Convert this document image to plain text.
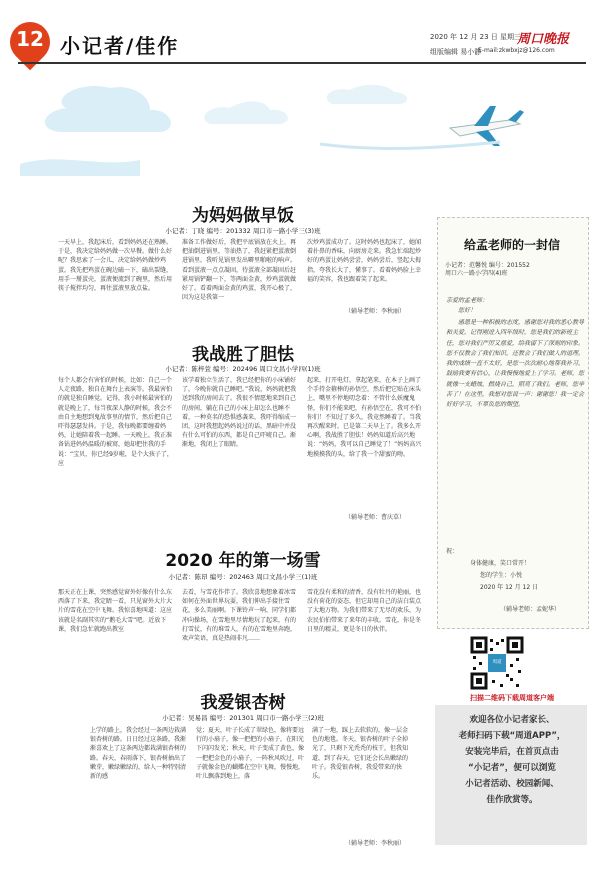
12 小记者/佳作	2020 年 12 月 23 日 星期三
组版编辑 易小静
周口晚报
E-mail:zkwbxjz@126.com
为妈妈做早饭
小记者：丁晓 编号：201332 周口市一路小学三(3)班
一天早上，我起床后，看到妈妈还在熟睡。于是，我决定给妈妈做一次早餐。做什么好呢？我思索了一会儿，决定给妈妈做炒鸡蛋。我先把鸡蛋在碗边磕一下，磕出裂缝，用手一掰蛋壳，蛋液便流到了碗里，然后用筷子搅拌均匀，再往蛋液里放点盐。
准备工作做好后，我把平底锅放在火上，再把油倒进锅里，等油热了，我赶紧把蛋液倒进锅里。我听见锅里发出噼里啪啦的响声。看到蛋液一点点凝固，待蛋液全部凝固后赶紧用锅铲翻一下，等两面金黄，炒鸡蛋就做好了。看着两面金黄的鸡蛋，我开心极了，因为这是我第一
次炒鸡蛋成功了。这时妈妈也起床了，她闻着扑鼻的香味，向厨房走来。我急忙端起炒好的鸡蛋让妈妈尝尝，妈妈尝后，竖起大拇指，夸我长大了，懂事了。看着妈妈脸上幸福的笑容，我也跟着笑了起来。
（辅导老师：李秋丽）
我战胜了胆怯
小记者：陈梓萱 编号：202496 周口文昌小学四(1)班
每个人都会有害怕的时候，比如：自己一个人走夜路，独自在舞台上表演等。我最害怕的就是独自睡觉。记得，我小时候最害怕的就是晚上了，每当夜深人静的时候，我会不由自主地想到鬼故事里的情节，然后把自己吓得瑟瑟发抖。于是，我每晚都要缠着妈妈，让她陪着我一起睡。一天晚上，我正准备钻进妈妈温暖的被窝，她却把住我的手说：“宝贝，你已经9岁啦，是个大孩子了，应
该学着独立生活了，我已经把你的小床铺好了，今晚你就自己睡吧。”我说，妈妈就把我送到我的房间去了。我很不情愿地来到自己的房间，躺在自己的小床上却怎么也睡不着，一种莫名的恐惧感袭来，我吓得缩成一团，这时我想起妈妈说过的话，黑暗中并没有什么可怕的东西，都是自己吓唬自己。渐渐地，我闭上了眼睛，
起来，打开电灯，拿起笔来，在本子上画了个手持金箍棒的孙悟空，然后把它贴在床头上，嘴里不停地叨念着：不管什么妖魔鬼怪，你们不能来吧，有孙悟空在，我可不怕你们！不知过了多久，我竟然睡着了。当我再次醒来时，已是第二天早上了。我多么开心啊，我战胜了胆怯！妈妈知道后高兴地说：“妈妈，我可以自己睡觉了！”妈妈高兴地摸摸我的头，给了我一个甜蜜的吻。
（辅导老师：曹庆草）
2020 年的第一场雪
小记者：陈昂 编号：202463 周口文昌小学三(1)班
那天正在上课，突然感觉窗外好像有什么东西落了下来，我定睛一看，只见窗外大片大片的雪花在空中飞舞。我惊喜地叫道：这应该就是名副其实的“鹅毛大雪”吧。近放下课，我们急忙就跑出教室
去看，与雪花作伴了。我欣喜地想象着冰雪如何在外面世界玩耍，我们伸出手接住雪花，多么美丽啊。下课铃声一响，同学们都冲向操场，在雪地里尽情地玩了起来，有的打雪仗，有的堆雪人，有的在雪地里奔跑，欢声笑语，真是热闹非凡……
雪花没有柔和的清香，没有牡丹的艳丽，也没有荷花的姿态，但它却用自己的洁白装点了大地万物。为我们带来了无尽的欢乐，为农民伯伯带来了来年的丰收。雪花，你是冬日里的精灵，更是冬日的伙伴。
我爱银杏树
小记者：吴易昌 编号：201301 周口市一路小学三(2)班
上学的路上，我会经过一条两边栽满银杏树的路。日日经过这条路，我渐渐喜欢上了这条两边都栽满银杏树的路。春天，春雨落下，银杏树抽出了嫩芽，嫩绿嫩绿的，给人一种特别清新的感
觉；夏天，叶子长成了翠绿色，像将要远行的小扇子，像一把把的小扇子，在阳光下闪闪发光；秋天，叶子变成了黄色，像一把把金色的小扇子，一阵秋风吹过，叶子就像金色的蝴蝶在空中飞舞，慢慢地，叶儿飘落到地上，落
满了一地，踩上去软软的，像一层金色的地毯。冬天，银杏树的叶子全掉光了，只剩下光秃秃的枝干，但我知道，到了春天，它们还会长出嫩绿的叶子。我爱银杏树，我爱带来的快乐。
（辅导老师：李秋丽）
给孟老师的一封信
小记者：范馨悦 编号：201552
周口六一路小学四(4)班
亲爱的孟老师：
您好！
感恩是一种积极的态度，感谢您对我的悉心教导和关爱。记得刚进入四年级时，您是我们的新班主任，您对我们严厉又慈爱，给我留下了深刻的印象。您不仅教会了我们知识，还教会了我们做人的道理。我的成绩一直不太好，是您一次次耐心地帮我补习，鼓励我要有信心，让我慢慢地爱上了学习。老师，您就像一支蜡烛，燃烧自己，照亮了我们。老师，您辛苦了！在这里，我想对您说一声：谢谢您！我一定会好好学习，不辜负您的期望。
祝：
身体健康，笑口常开！
您的学生：小悦
2020 年 12 月 12 日
（辅导老师：孟妮华）
周道
扫描二维码下载周道客户端
欢迎各位小记者家长、
老师扫码下载“周道APP”，
安装完毕后，在首页点击
“小记者”，便可以浏览
小记者活动、校园新闻、
佳作欣赏等。
